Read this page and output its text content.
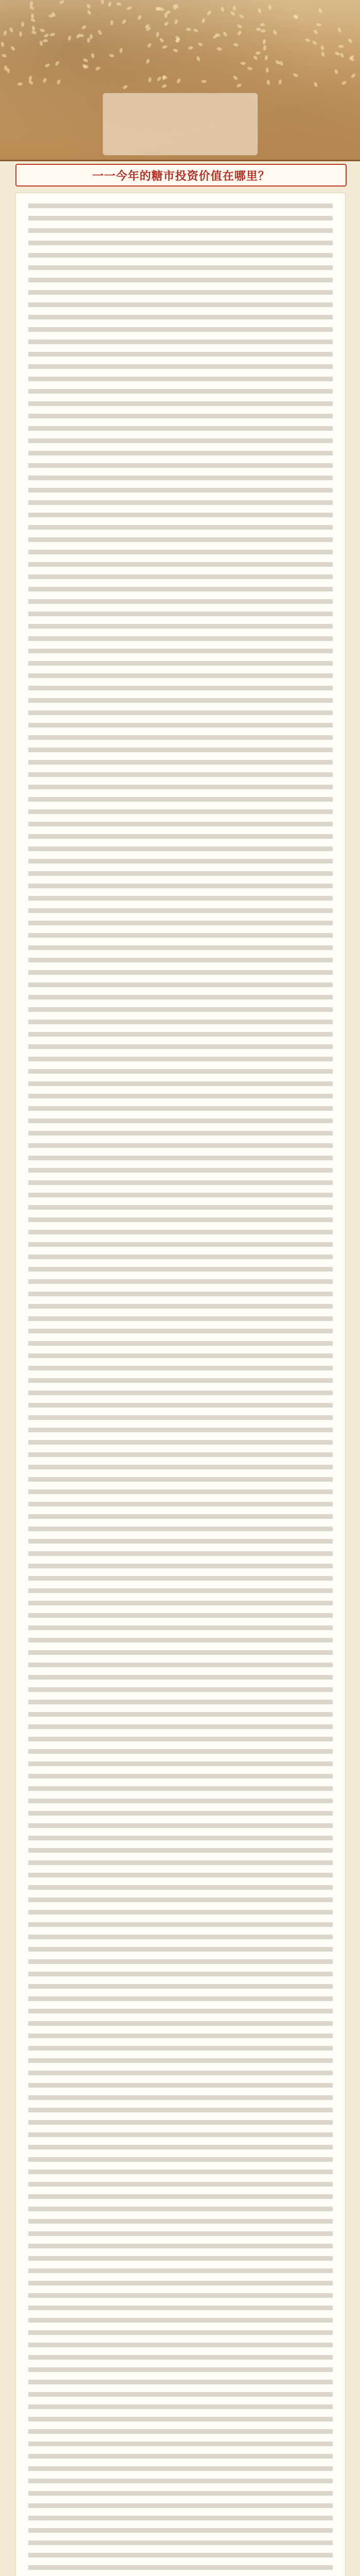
一一今年的糖市投资价值在哪里？
